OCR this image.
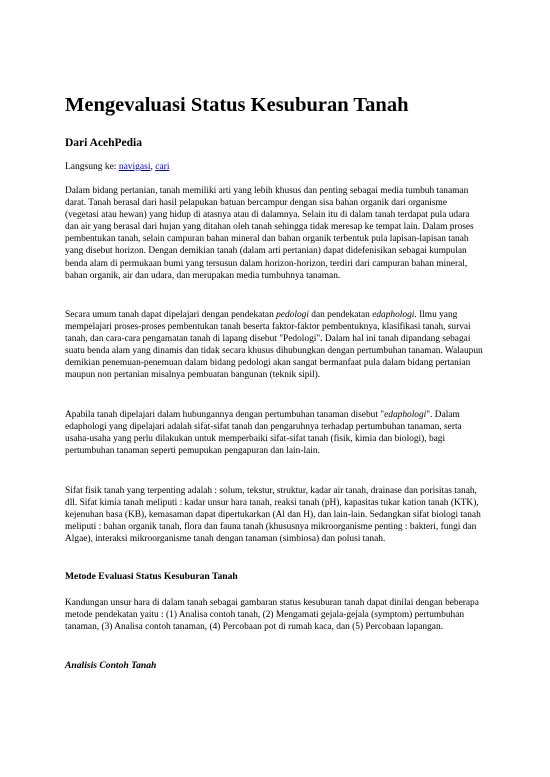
Mengevaluasi Status Kesuburan Tanah
Dari AcehPedia
Langsung ke: navigasi, cari

Dalam bidang pertanian, tanah memiliki arti yang lebih khusus dan penting sebagai media tumbuh tanaman darat. Tanah berasal dari hasil pelapukan batuan bercampur dengan sisa bahan organik dari organisme (vegetasi atau hewan) yang hidup di atasnya atau di dalamnya. Selain itu di dalam tanah terdapat pula udara dan air yang berasal dari hujan yang ditahan oleh tanah sehingga tidak meresap ke tempat lain. Dalam proses pembentukan tanah, selain campuran bahan mineral dan bahan organik terbentuk pula lapisan-lapisan tanah yang disebut horizon. Dengan demikian tanah (dalam arti pertanian) dapat didefenisikan sebagai kumpulan benda alam di permukaan bumi yang tersusun dalam horizon-horizon, terdiri dari campuran bahan mineral, bahan organik, air dan udara, dan merupakan media tumbuhnya tanaman.

Secara umum tanah dapat dipelajari dengan pendekatan pedologi dan pendekatan edaphologi. Ilmu yang mempelajari proses-proses pembentukan tanah beserta faktor-faktor pembentuknya, klasifikasi tanah, survai tanah, dan cara-cara pengamatan tanah di lapang disebut "Pedologi". Dalam hal ini tanah dipandang sebagai suatu benda alam yang dinamis dan tidak secara khusus dihubungkan dengan pertumbuhan tanaman. Walaupun demikian penemuan-penemuan dalam bidang pedologi akan sangat bermanfaat pula dalam bidang pertanian maupun non pertanian misalnya pembuatan bangunan (teknik sipil).

Apabila tanah dipelajari dalam hubungannya dengan pertumbuhan tanaman disebut "edaphologi". Dalam edaphologi yang dipelajari adalah sifat-sifat tanah dan pengaruhnya terhadap pertumbuhan tanaman, serta usaha-usaha yang perlu dilakukan untuk memperbaiki sifat-sifat tanah (fisik, kimia dan biologi), bagi pertumbuhan tanaman seperti pemupukan pengapuran dan lain-lain.

Sifat fisik tanah yang terpenting adalah : solum, tekstur, struktur, kadar air tanah, drainase dan porisitas tanah, dll. Sifat kimia tanah meliputi : kadar unsur hara tanah, reaksi tanah (pH), kapasitas tukar kation tanah (KTK), kejenuhan basa (KB), kemasaman dapat dipertukarkan (Al dan H), dan lain-lain. Sedangkan sifat biologi tanah meliputi : bahan organik tanah, flora dan fauna tanah (khususnya mikroorganisme penting : bakteri, fungi dan Algae), interaksi mikroorganisme tanah dengan tanaman (simbiosa) dan polusi tanah.

Metode Evaluasi Status Kesuburan Tanah

Kandungan unsur hara di dalam tanah sebagai gambaran status kesuburan tanah dapat dinilai dengan beberapa metode pendekatan yaitu : (1) Analisa contoh tanah, (2) Mengamati gejala-gejala (symptom) pertumbuhan tanaman, (3) Analisa contoh tanaman, (4) Percobaan pot di rumah kaca, dan (5) Percobaan lapangan.

Analisis Contoh Tanah
